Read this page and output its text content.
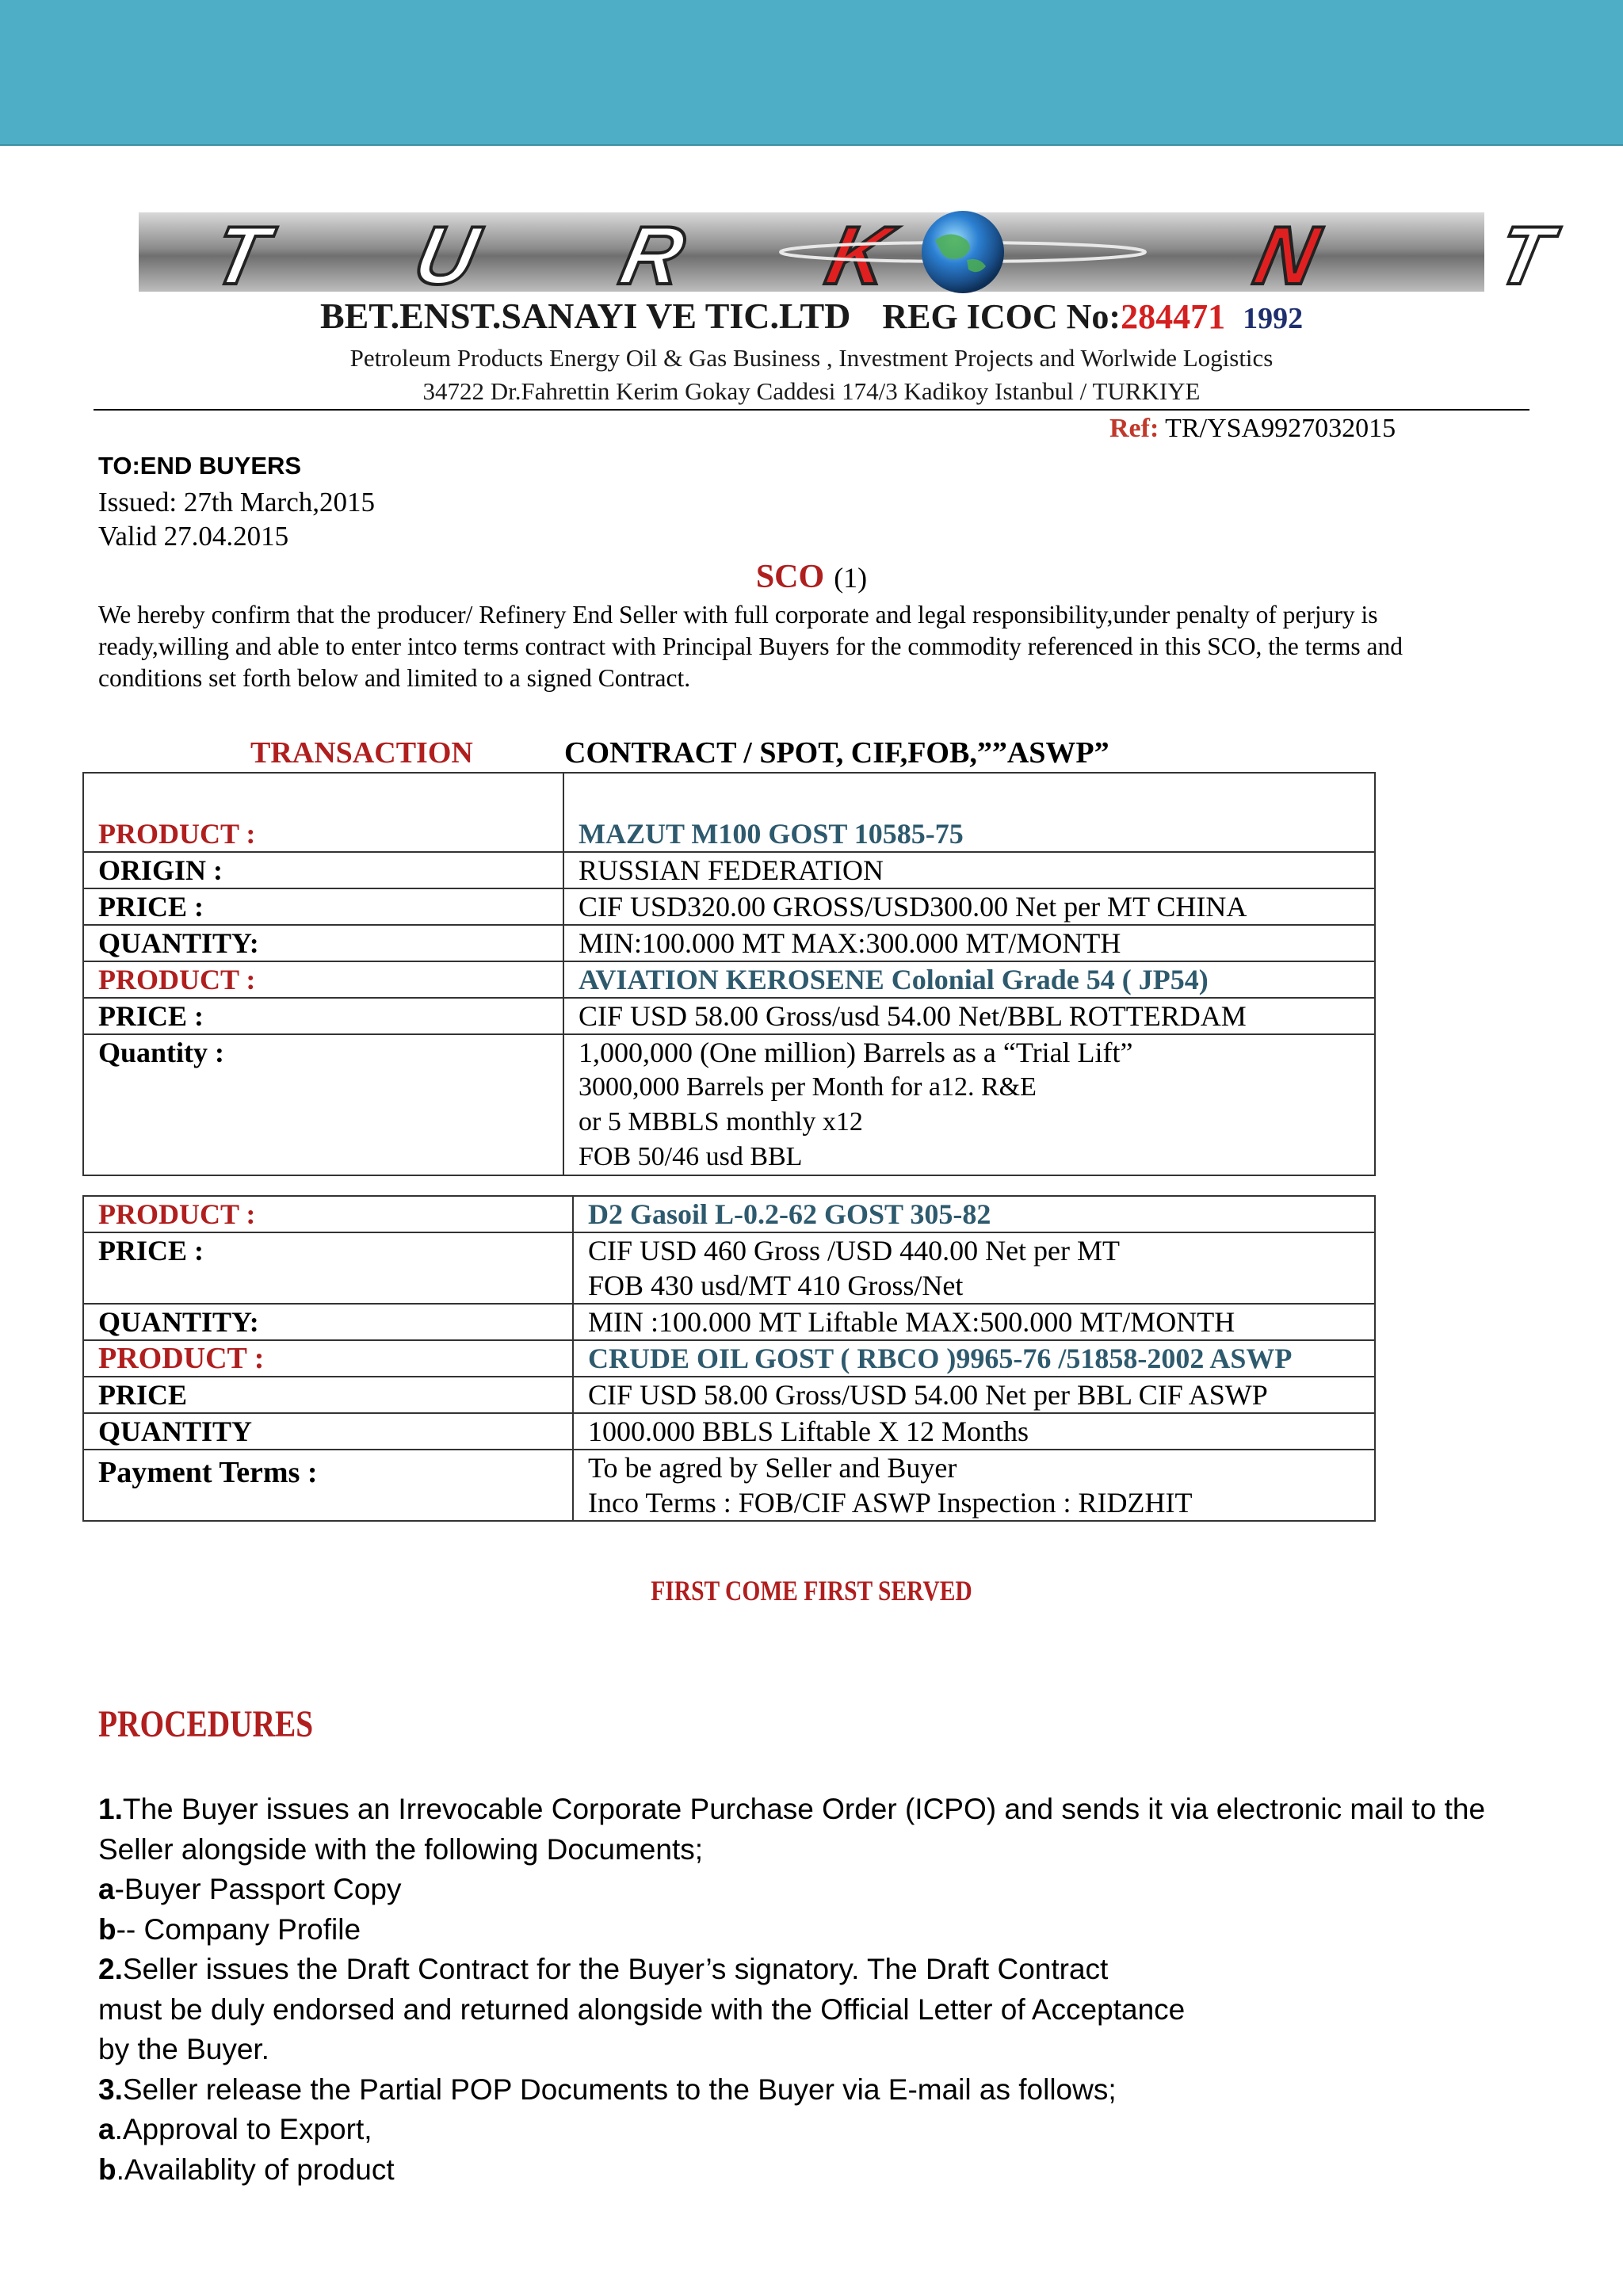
T U R K	N T
BET.ENST.SANAYI VE TIC.LTD REG ICOC No:284471 1992
Petroleum Products Energy Oil & Gas Business , Investment Projects and Worlwide Logistics
34722 Dr.Fahrettin Kerim Gokay Caddesi 174/3 Kadikoy Istanbul / TURKIYE
Ref: TR/YSA9927032015
TO:END BUYERS
Issued: 27th March,2015
Valid 27.04.2015
SCO (1)
We hereby confirm that the producer/ Refinery End Seller with full corporate and legal responsibility,under penalty of perjury is ready,willing and able to enter intco terms contract with Principal Buyers for the commodity referenced in this SCO, the terms and conditions set forth below and limited to a signed Contract.
TRANSACTION	CONTRACT / SPOT, CIF,FOB,””ASWP”
PRODUCT :	MAZUT M100 GOST 10585-75
ORIGIN :	RUSSIAN FEDERATION
PRICE :	CIF USD320.00 GROSS/USD300.00 Net per MT CHINA
QUANTITY:	MIN:100.000 MT MAX:300.000 MT/MONTH
PRODUCT :	AVIATION KEROSENE Colonial Grade 54 ( JP54)
PRICE :	CIF USD 58.00 Gross/usd 54.00 Net/BBL ROTTERDAM
Quantity :	1,000,000 (One million) Barrels as a “Trial Lift”
3000,000 Barrels per Month for a12. R&E
or 5 MBBLS monthly x12
FOB 50/46 usd BBL
PRODUCT :	D2 Gasoil L-0.2-62 GOST 305-82
PRICE :	CIF USD 460 Gross /USD 440.00 Net per MT
FOB 430 usd/MT 410 Gross/Net

QUANTITY:	MIN :100.000 MT Liftable MAX:500.000 MT/MONTH
PRODUCT :	CRUDE OIL GOST ( RBCO )9965-76 /51858-2002 ASWP
PRICE	CIF USD 58.00 Gross/USD 54.00 Net per BBL CIF ASWP
QUANTITY	1000.000 BBLS Liftable X 12 Months
Payment Terms :	To be agred by Seller and Buyer
Inco Terms : FOB/CIF ASWP Inspection : RIDZHIT
FIRST COME FIRST SERVED
PROCEDURES
1.The Buyer issues an Irrevocable Corporate Purchase Order (ICPO) and sends it via electronic mail to the Seller alongside with the following Documents;
a-Buyer Passport Copy
b-- Company Profile
2.Seller issues the Draft Contract for the Buyer’s signatory. The Draft Contract
must be duly endorsed and returned alongside with the Official Letter of Acceptance
by the Buyer.
3.Seller release the Partial POP Documents to the Buyer via E-mail as follows;
a.Approval to Export,
b.Availablity of product
